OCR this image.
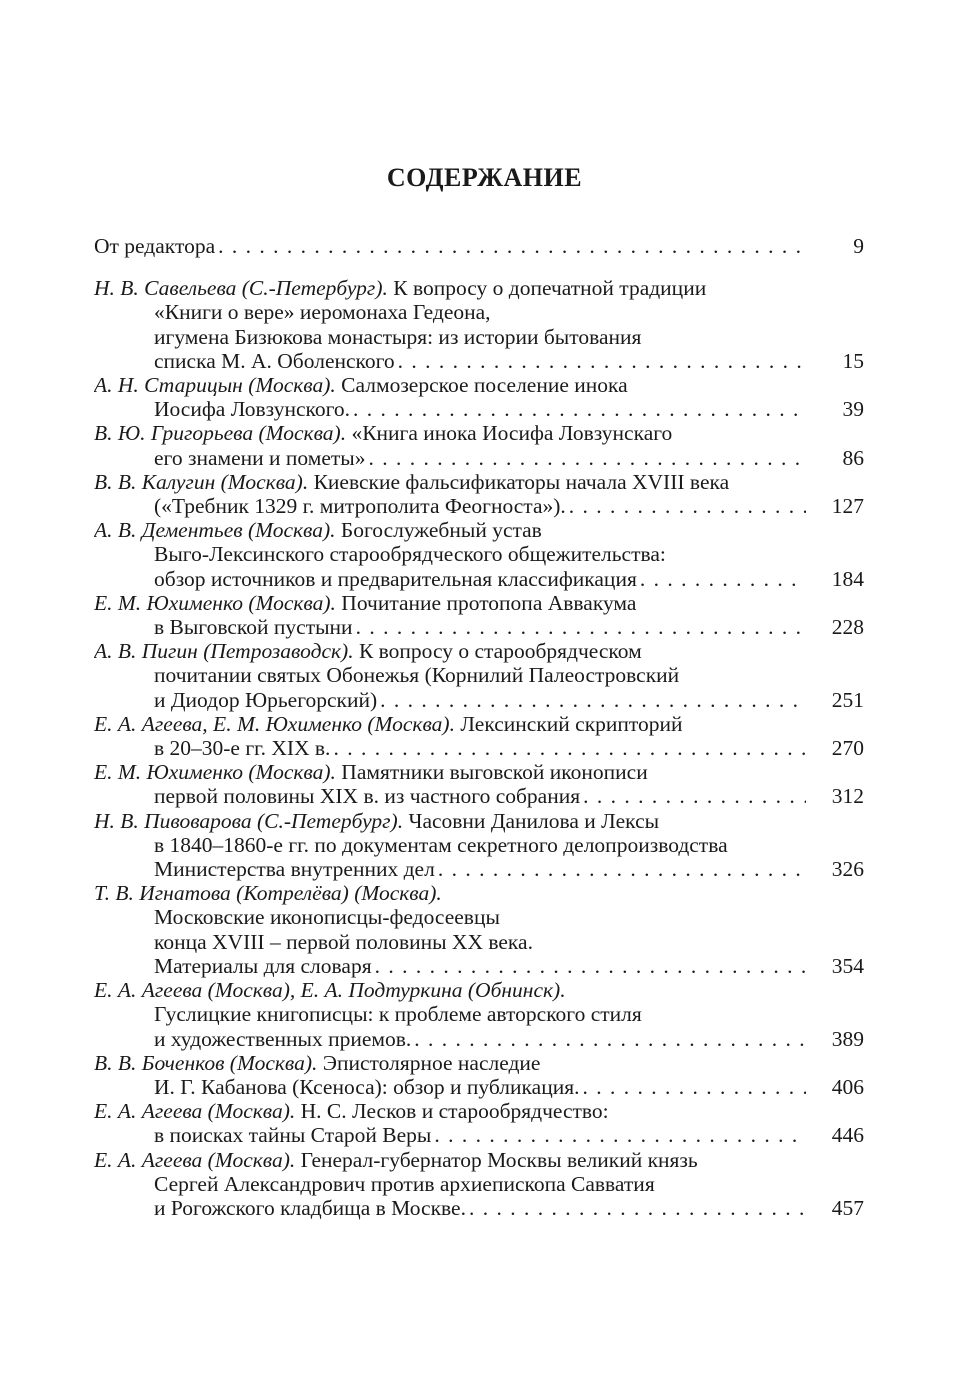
СОДЕРЖАНИЕ
От редактора . . .	9
Н. В. Савельева (С.-Петербург). К вопросу о допечатной традиции
«Книги о вере» иеромонаха Гедеона,
игумена Бизюкова монастыря: из истории бытования
списка М. А. Оболенского . . .	15
А. Н. Старицын (Москва). Салмозерское поселение инока
Иосифа Ловзунского. . . .	39
В. Ю. Григорьева (Москва). «Книга инока Иосифа Ловзунскаго
его знамени и пометы» . . .	86
В. В. Калугин (Москва). Киевские фальсификаторы начала XVIII века
(«Требник 1329 г. митрополита Феогноста»). . . .	127
А. В. Дементьев (Москва). Богослужебный устав
Выго-Лексинского старообрядческого общежительства:
обзор источников и предварительная классификация . . .	184
Е. М. Юхименко (Москва). Почитание протопопа Аввакума
в Выговской пустыни . . .	228
А. В. Пигин (Петрозаводск). К вопросу о старообрядческом
почитании святых Обонежья (Корнилий Палеостровский
и Диодор Юрьегорский) . . .	251
Е. А. Агеева, Е. М. Юхименко (Москва). Лексинский скрипторий
в 20–30-е гг. XIX в. . . .	270
Е. М. Юхименко (Москва). Памятники выговской иконописи
первой половины XIX в. из частного собрания . . .	312
Н. В. Пивоварова (С.-Петербург). Часовни Данилова и Лексы
в 1840–1860-е гг. по документам секретного делопроизводства
Министерства внутренних дел . . .	326
Т. В. Игнатова (Котрелёва) (Москва).
Московские иконописцы-федосеевцы
конца XVIII – первой половины XX века.
Материалы для словаря . . .	354
Е. А. Агеева (Москва), Е. А. Подтуркина (Обнинск).
Гуслицкие книгописцы: к проблеме авторского стиля
и художественных приемов. . . .	389
В. В. Боченков (Москва). Эпистолярное наследие
И. Г. Кабанова (Ксеноса): обзор и публикация. . . .	406
Е. А. Агеева (Москва). Н. С. Лесков и старообрядчество:
в поисках тайны Старой Веры . . .	446
Е. А. Агеева (Москва). Генерал-губернатор Москвы великий князь
Сергей Александрович против архиепископа Савватия
и Рогожского кладбища в Москве. . . .	457
